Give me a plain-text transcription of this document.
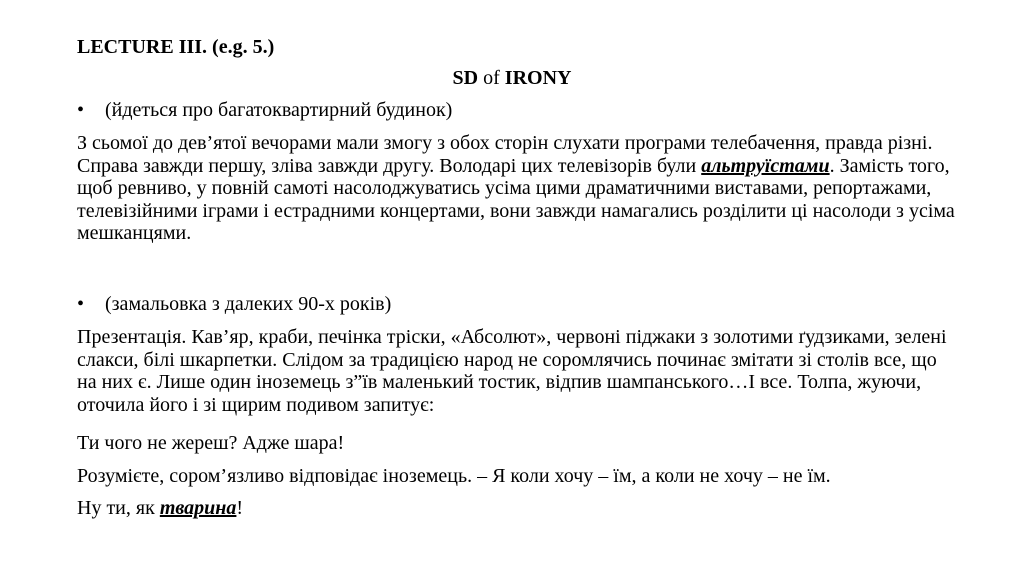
LECTURE III. (e.g. 5.)

SD of IRONY

• (йдеться про багатоквартирний будинок)

З сьомої до дев’ятої вечорами мали змогу з обох сторін слухати програми телебачення, правда різні. Справа завжди першу, зліва завжди другу. Володарі цих телевізорів були альтруїстами. Замість того, щоб ревниво, у повній самоті насолоджуватись усіма цими драматичними виставами, репортажами, телевізійними іграми і естрадними концертами, вони завжди намагались розділити ці насолоди з усіма мешканцями.

• (замальовка з далеких 90-х років)

Презентація. Кав’яр, краби, печінка тріски, «Абсолют», червоні піджаки з золотими ґудзиками, зелені слакси, білі шкарпетки. Слідом за традицією народ не соромлячись починає змітати зі столів все, що на них є. Лише один іноземець з”їв маленький тостик, відпив шампанського…І все. Толпа, жуючи, оточила його і зі щирим подивом запитує:

Ти чого не жереш? Адже шара!

Розумієте, сором’язливо відповідає іноземець. – Я коли хочу – їм, а коли не хочу – не їм.

Ну ти, як тварина!
